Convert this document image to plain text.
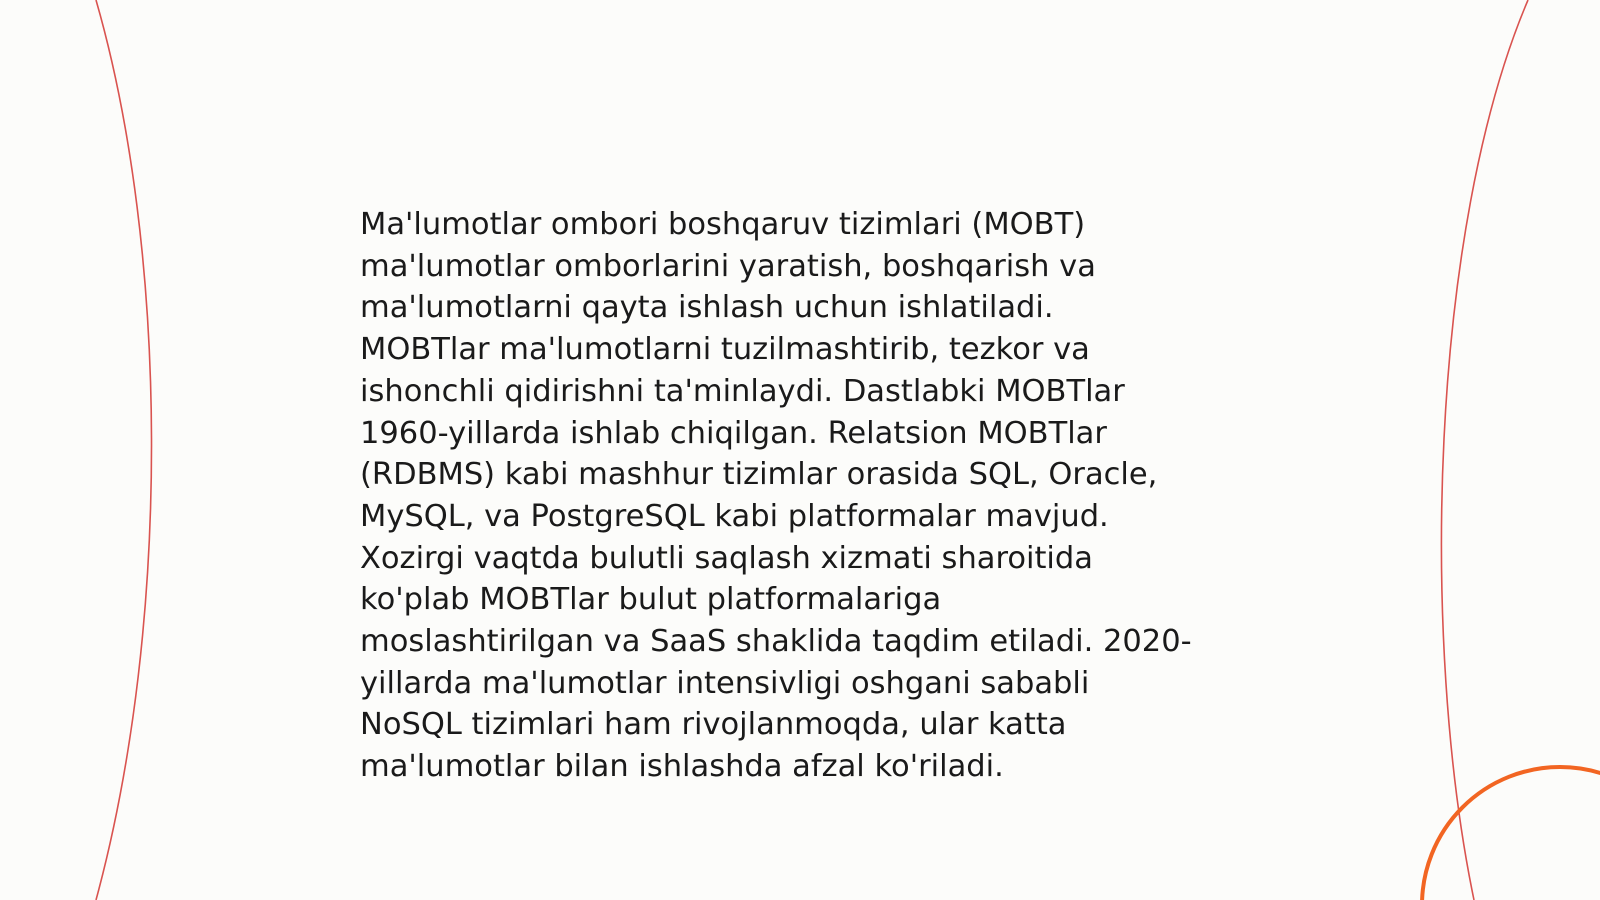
Ma'lumotlar ombori boshqaruv tizimlari (MOBT)
ma'lumotlar omborlarini yaratish, boshqarish va
ma'lumotlarni qayta ishlash uchun ishlatiladi.
MOBTlar ma'lumotlarni tuzilmashtirib, tezkor va
ishonchli qidirishni ta'minlaydi. Dastlabki MOBTlar
1960-yillarda ishlab chiqilgan. Relatsion MOBTlar
(RDBMS) kabi mashhur tizimlar orasida SQL, Oracle,
MySQL, va PostgreSQL kabi platformalar mavjud.
Xozirgi vaqtda bulutli saqlash xizmati sharoitida
ko'plab MOBTlar bulut platformalariga
moslashtirilgan va SaaS shaklida taqdim etiladi. 2020-
yillarda ma'lumotlar intensivligi oshgani sababli
NoSQL tizimlari ham rivojlanmoqda, ular katta
ma'lumotlar bilan ishlashda afzal ko'riladi.
